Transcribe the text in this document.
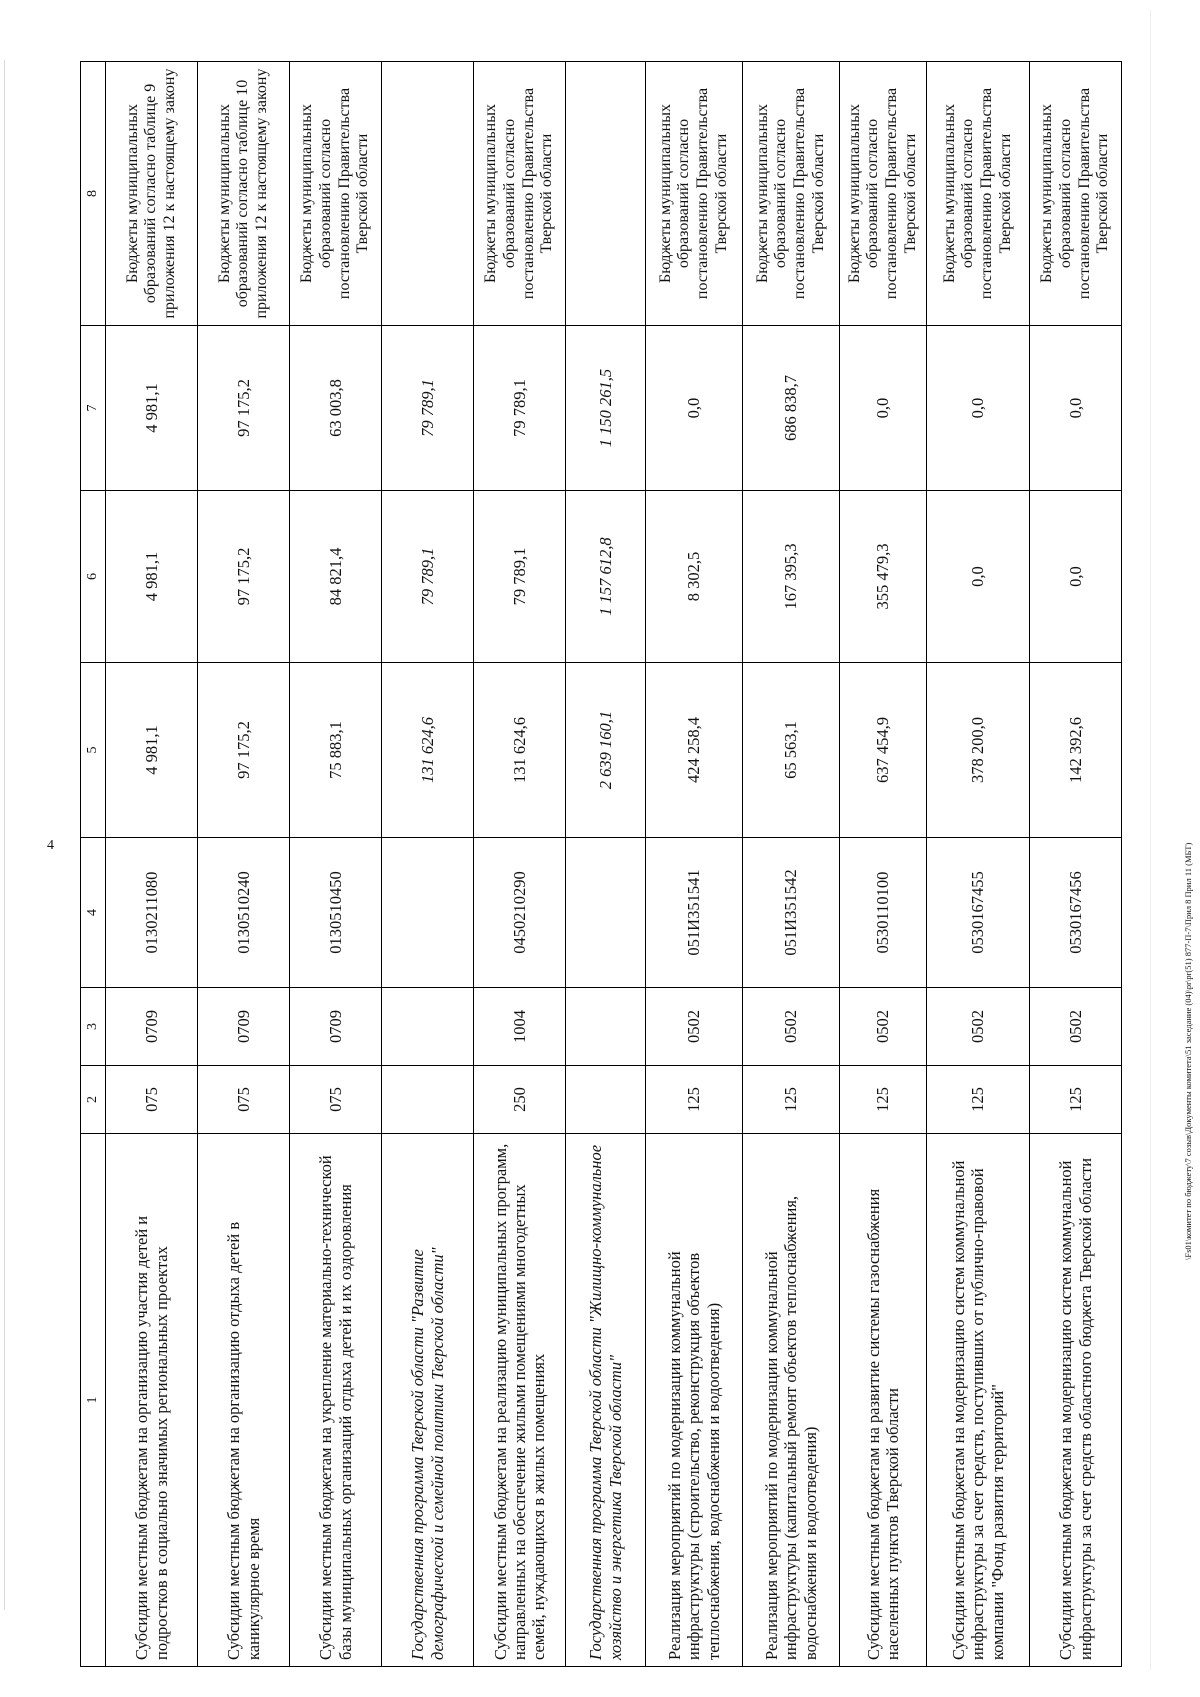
4
1	2	3	4	5	6	7	8
Субсидии местным бюджетам на организацию участия детей и подростков в социально значимых региональных проектах	075	0709	0130211080	4 981,1	4 981,1	4 981,1	Бюджеты муниципальных образований согласно таблице 9 приложения 12 к настоящему закону
Субсидии местным бюджетам на организацию отдыха детей в каникулярное время	075	0709	0130510240	97 175,2	97 175,2	97 175,2	Бюджеты муниципальных образований согласно таблице 10 приложения 12 к настоящему закону
Субсидии местным бюджетам на укрепление материально-технической базы муниципальных организаций отдыха детей и их оздоровления	075	0709	0130510450	75 883,1	84 821,4	63 003,8	Бюджеты муниципальных образований согласно постановлению Правительства Тверской области
Государственная программа Тверской области "Развитие демографической и семейной политики Тверской области"				131 624,6	79 789,1	79 789,1	
Субсидии местным бюджетам на реализацию муниципальных программ, направленных на обеспечение жилыми помещениями многодетных семей, нуждающихся в жилых помещениях	250	1004	0450210290	131 624,6	79 789,1	79 789,1	Бюджеты муниципальных образований согласно постановлению Правительства Тверской области
Государственная программа Тверской области "Жилищно-коммунальное хозяйство и энергетика Тверской области"				2 639 160,1	1 157 612,8	1 150 261,5	
Реализация мероприятий по модернизации коммунальной инфраструктуры (строительство, реконструкция объектов теплоснабжения, водоснабжения и водоотведения)	125	0502	051И351541	424 258,4	8 302,5	0,0	Бюджеты муниципальных образований согласно постановлению Правительства Тверской области
Реализация мероприятий по модернизации коммунальной инфраструктуры (капитальный ремонт объектов теплоснабжения, водоснабжения и водоотведения)	125	0502	051И351542	65 563,1	167 395,3	686 838,7	Бюджеты муниципальных образований согласно постановлению Правительства Тверской области
Субсидии местным бюджетам на развитие системы газоснабжения населенных пунктов Тверской области	125	0502	0530110100	637 454,9	355 479,3	0,0	Бюджеты муниципальных образований согласно постановлению Правительства Тверской области
Субсидии местным бюджетам на модернизацию систем коммунальной инфраструктуры за счет средств, поступивших от публично-правовой компании "Фонд развития территорий"	125	0502	0530167455	378 200,0	0,0	0,0	Бюджеты муниципальных образований согласно постановлению Правительства Тверской области
Субсидии местным бюджетам на модернизацию систем коммунальной инфраструктуры за счет средств областного бюджета Тверской области	125	0502	0530167456	142 392,6	0,0	0,0	Бюджеты муниципальных образований согласно постановлению Правительства Тверской области
\Fs01\комитет по бюджету\7 созыв\Документы комитета\51 заседание (04)\pr\pr(51) 877-П-7\Прил 8 Прил 11 (МБТ)
